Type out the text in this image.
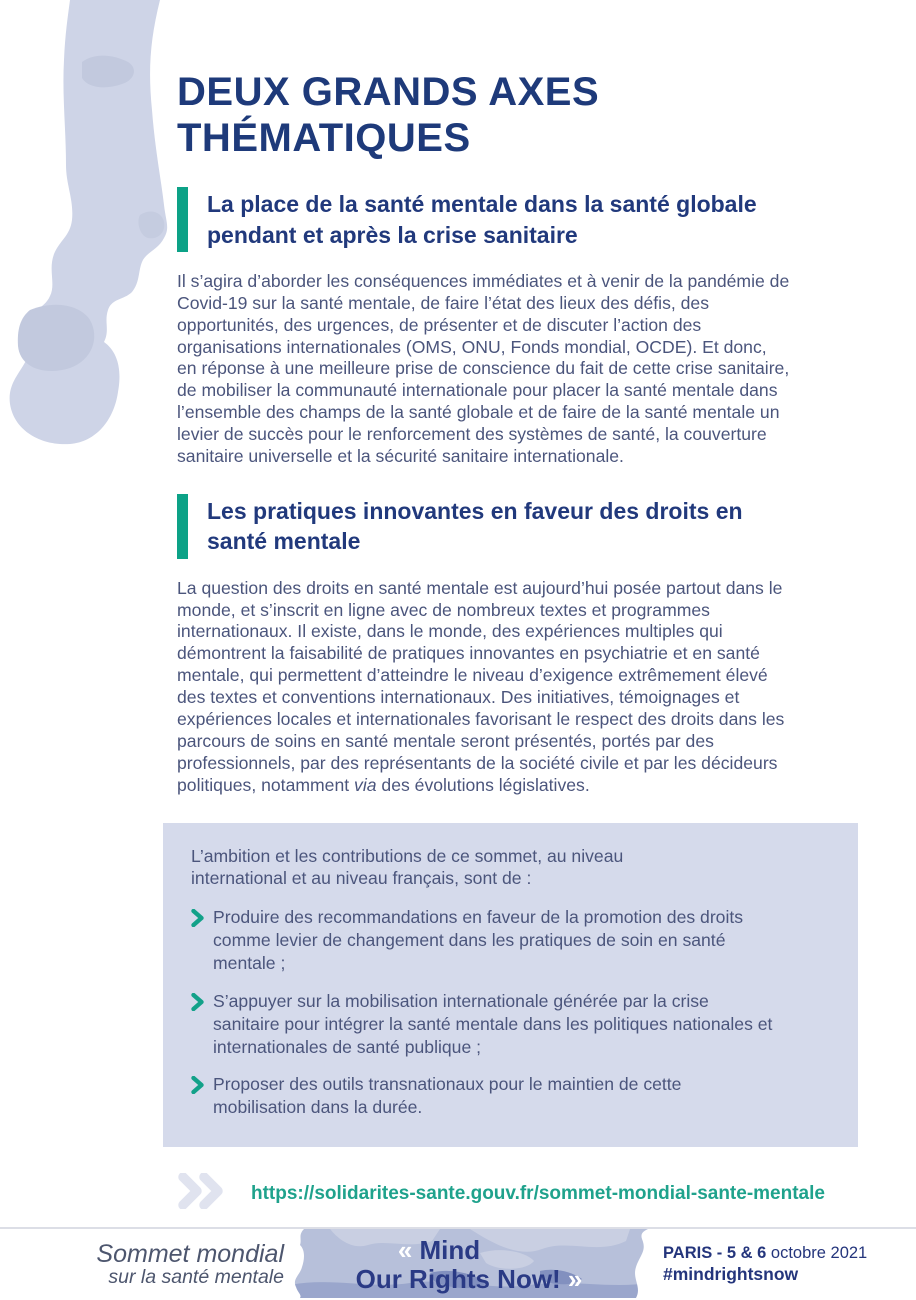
DEUX GRANDS AXES THÉMATIQUES
La place de la santé mentale dans la santé globale pendant et après la crise sanitaire

Il s’agira d’aborder les conséquences immédiates et à venir de la pandémie de Covid-19 sur la santé mentale, de faire l’état des lieux des défis, des opportunités, des urgences, de présenter et de discuter l’action des organisations internationales (OMS, ONU, Fonds mondial, OCDE). Et donc, en réponse à une meilleure prise de conscience du fait de cette crise sanitaire, de mobiliser la communauté internationale pour placer la santé mentale dans l’ensemble des champs de la santé globale et de faire de la santé mentale un levier de succès pour le renforcement des systèmes de santé, la couverture sanitaire universelle et la sécurité sanitaire internationale.

Les pratiques innovantes en faveur des droits en santé mentale

La question des droits en santé mentale est aujourd’hui posée partout dans le monde, et s’inscrit en ligne avec de nombreux textes et programmes internationaux. Il existe, dans le monde, des expériences multiples qui démontrent la faisabilité de pratiques innovantes en psychiatrie et en santé mentale, qui permettent d’atteindre le niveau d’exigence extrêmement élevé des textes et conventions internationaux. Des initiatives, témoignages et expériences locales et internationales favorisant le respect des droits dans les parcours de soins en santé mentale seront présentés, portés par des professionnels, par des représentants de la société civile et par les décideurs politiques, notamment via des évolutions législatives.

L’ambition et les contributions de ce sommet, au niveau international et au niveau français, sont de :

Produire des recommandations en faveur de la promotion des droits comme levier de changement dans les pratiques de soin en santé mentale ;

S’appuyer sur la mobilisation internationale générée par la crise sanitaire pour intégrer la santé mentale dans les politiques nationales et internationales de santé publique ;

Proposer des outils transnationaux pour le maintien de cette mobilisation dans la durée.

https://solidarites-sante.gouv.fr/sommet-mondial-sante-mentale
Sommet mondial
sur la santé mentale
« Mind
Our Rights Now! »
PARIS - 5 & 6 octobre 2021
#mindrightsnow
